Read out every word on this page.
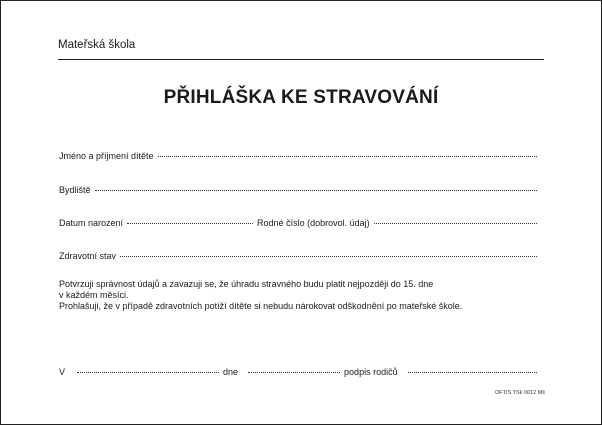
Mateřská škola
PŘIHLÁŠKA KE STRAVOVÁNÍ
Jméno a příjmení dítěte
Bydliště
Datum narození	Rodné číslo (dobrovol. údaj)
Zdravotní stav

Potvrzuji správnost údajů a zavazuji se, že úhradu stravného budu platit nejpozději do 15. dne

v každém měsíci.

Prohlašuji, že v případě zdravotních potíží dítěte si nebudu nárokovat odškodnění po mateřské škole.

V	dne	podpis rodičů
OFTIS TSk 0012 Mš
